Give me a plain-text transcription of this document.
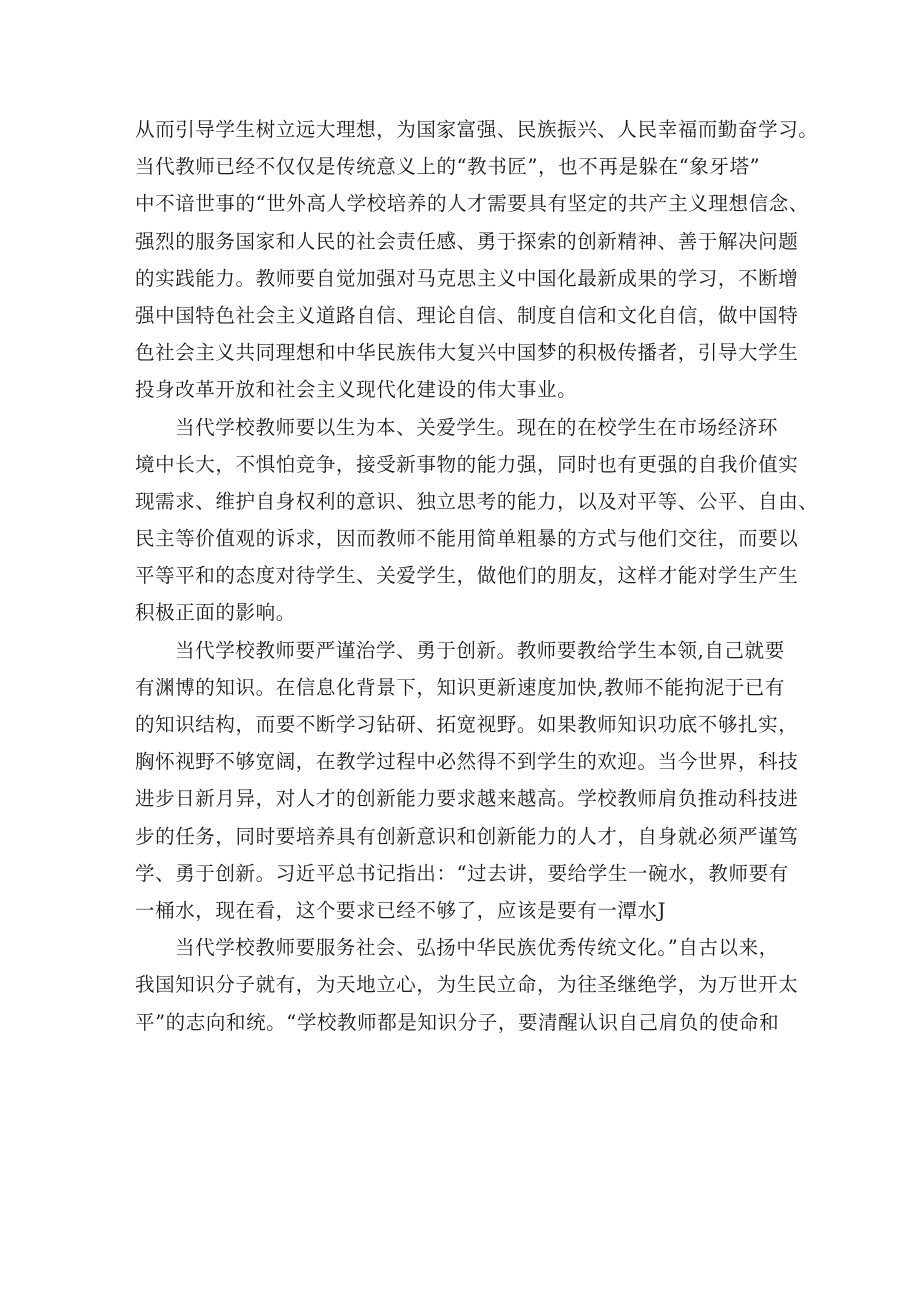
从而引导学生树立远大理想，为国家富强、民族振兴、人民幸福而勤奋学习。
当代教师已经不仅仅是传统意义上的“教书匠”，也不再是躲在“象牙塔”
中不谙世事的“世外高人学校培养的人才需要具有坚定的共产主义理想信念、
强烈的服务国家和人民的社会责任感、勇于探索的创新精神、善于解决问题
的实践能力。教师要自觉加强对马克思主义中国化最新成果的学习，不断增
强中国特色社会主义道路自信、理论自信、制度自信和文化自信，做中国特
色社会主义共同理想和中华民族伟大复兴中国梦的积极传播者，引导大学生
投身改革开放和社会主义现代化建设的伟大事业。
当代学校教师要以生为本、关爱学生。现在的在校学生在市场经济环
境中长大，不惧怕竞争，接受新事物的能力强，同时也有更强的自我价值实
现需求、维护自身权利的意识、独立思考的能力，以及对平等、公平、自由、
民主等价值观的诉求，因而教师不能用简单粗暴的方式与他们交往，而要以
平等平和的态度对待学生、关爱学生，做他们的朋友，这样才能对学生产生
积极正面的影响。
当代学校教师要严谨治学、勇于创新。教师要教给学生本领,自己就要
有渊博的知识。在信息化背景下，知识更新速度加快,教师不能拘泥于已有
的知识结构，而要不断学习钻研、拓宽视野。如果教师知识功底不够扎实，
胸怀视野不够宽阔，在教学过程中必然得不到学生的欢迎。当今世界，科技
进步日新月异，对人才的创新能力要求越来越高。学校教师肩负推动科技进
步的任务，同时要培养具有创新意识和创新能力的人才，自身就必须严谨笃
学、勇于创新。习近平总书记指出：“过去讲，要给学生一碗水，教师要有
一桶水，现在看，这个要求已经不够了，应该是要有一潭水J
当代学校教师要服务社会、弘扬中华民族优秀传统文化。”自古以来，
我国知识分子就有，为天地立心，为生民立命，为往圣继绝学，为万世开太
平”的志向和统。“学校教师都是知识分子，要清醒认识自己肩负的使命和
